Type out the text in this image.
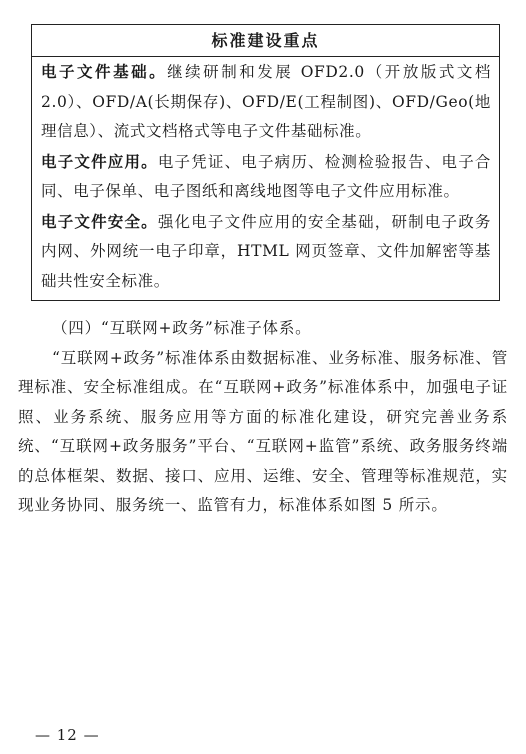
标准建设重点

电子文件基础。继续研制和发展 OFD2.0（开放版式文档 2.0）、OFD/A(长期保存)、OFD/E(工程制图)、OFD/Geo(地理信息）、流式文档格式等电子文件基础标准。

电子文件应用。电子凭证、电子病历、检测检验报告、电子合同、电子保单、电子图纸和离线地图等电子文件应用标准。

电子文件安全。强化电子文件应用的安全基础，研制电子政务内网、外网统一电子印章，HTML 网页签章、文件加解密等基础共性安全标准。

（四）“互联网+政务”标准子体系。

“互联网+政务”标准体系由数据标准、业务标准、服务标准、管理标准、安全标准组成。在“互联网+政务”标准体系中，加强电子证照、业务系统、服务应用等方面的标准化建设，研究完善业务系统、“互联网+政务服务”平台、“互联网+监管”系统、政务服务终端的总体框架、数据、接口、应用、运维、安全、管理等标准规范，实现业务协同、服务统一、监管有力，标准体系如图 5 所示。

— 12 —
